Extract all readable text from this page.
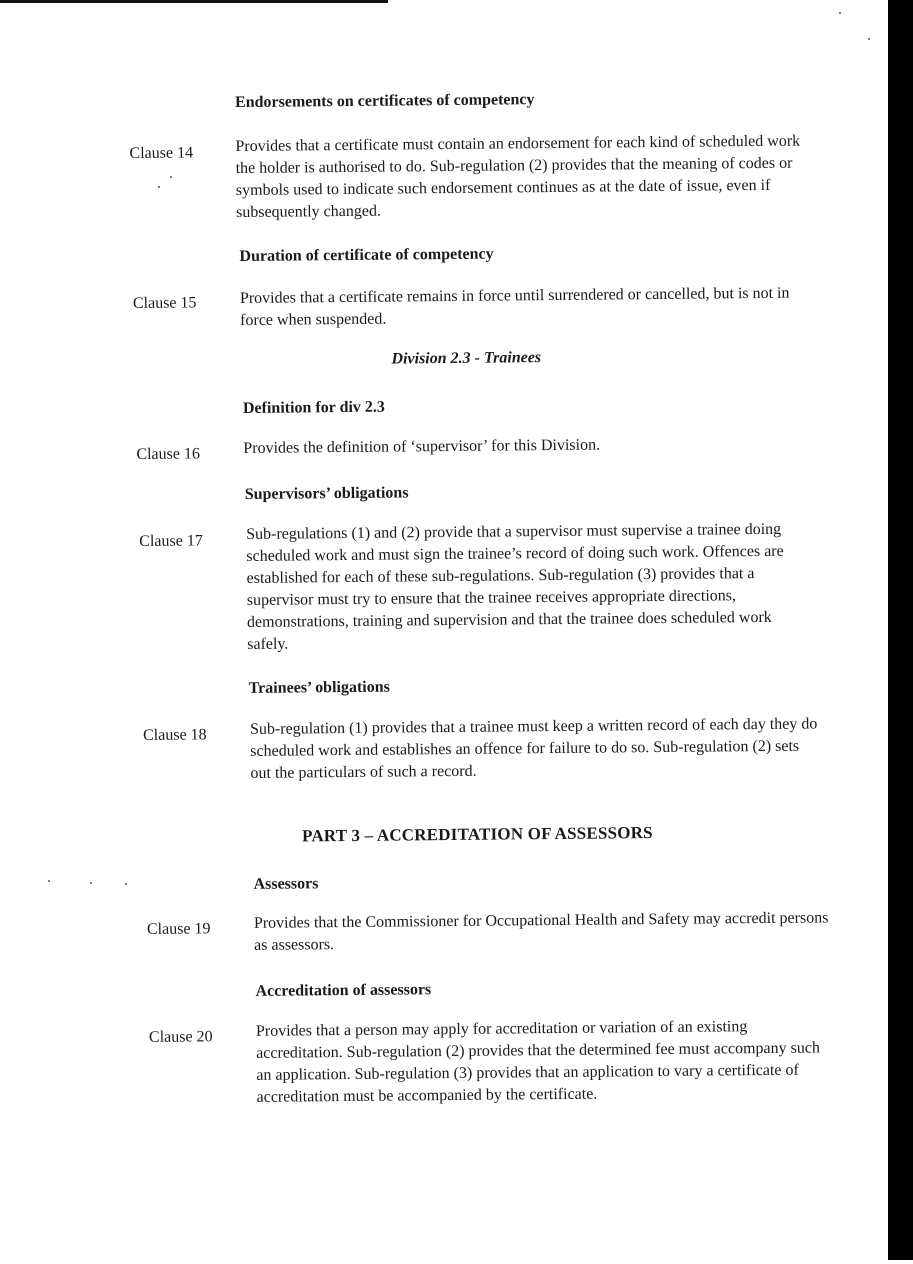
Endorsements on certificates of competency
Clause 14	Provides that a certificate must contain an endorsement for each kind of scheduled work the holder is authorised to do. Sub-regulation (2) provides that the meaning of codes or symbols used to indicate such endorsement continues as at the date of issue, even if subsequently changed.
Duration of certificate of competency
Clause 15	Provides that a certificate remains in force until surrendered or cancelled, but is not in force when suspended.
Division 2.3 - Trainees
Definition for div 2.3
Clause 16	Provides the definition of ‘supervisor’ for this Division.
Supervisors’ obligations
Clause 17	Sub-regulations (1) and (2) provide that a supervisor must supervise a trainee doing scheduled work and must sign the trainee’s record of doing such work. Offences are established for each of these sub-regulations. Sub-regulation (3) provides that a supervisor must try to ensure that the trainee receives appropriate directions, demonstrations, training and supervision and that the trainee does scheduled work safely.
Trainees’ obligations
Clause 18	Sub-regulation (1) provides that a trainee must keep a written record of each day they do scheduled work and establishes an offence for failure to do so. Sub-regulation (2) sets out the particulars of such a record.
PART 3 – ACCREDITATION OF ASSESSORS
Assessors
Clause 19	Provides that the Commissioner for Occupational Health and Safety may accredit persons as assessors.
Accreditation of assessors
Clause 20	Provides that a person may apply for accreditation or variation of an existing accreditation. Sub-regulation (2) provides that the determined fee must accompany such an application. Sub-regulation (3) provides that an application to vary a certificate of accreditation must be accompanied by the certificate.
